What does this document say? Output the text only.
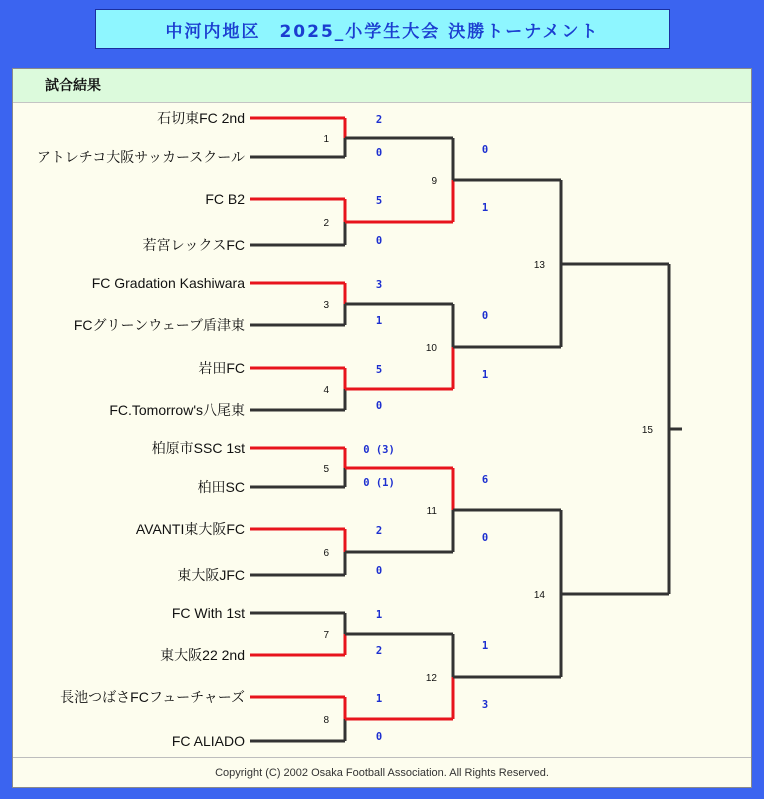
中河内地区　2025_小学生大会 決勝トーナメント
試合結果
石切東FC 2nd
アトレチコ大阪サッカースクール
FC B2
若宮レックスFC
FC Gradation Kashiwara
FCグリーンウェーブ盾津東
岩田FC
FC.Tomorrow's八尾東
柏原市SSC 1st
柏田SC
AVANTI東大阪FC
東大阪JFC
FC With 1st
東大阪22 2nd
長池つばさFCフューチャーズ
FC ALIADO
1
2
0
2
5
0
3
3
1
4
5
0
5
0 (3)
0 (1)
6
2
0
7
1
2
8
1
0
9
0
1
10
0
1
11
6
0
12
1
3
13
14
15
Copyright (C) 2002 Osaka Football Association. All Rights Reserved.
